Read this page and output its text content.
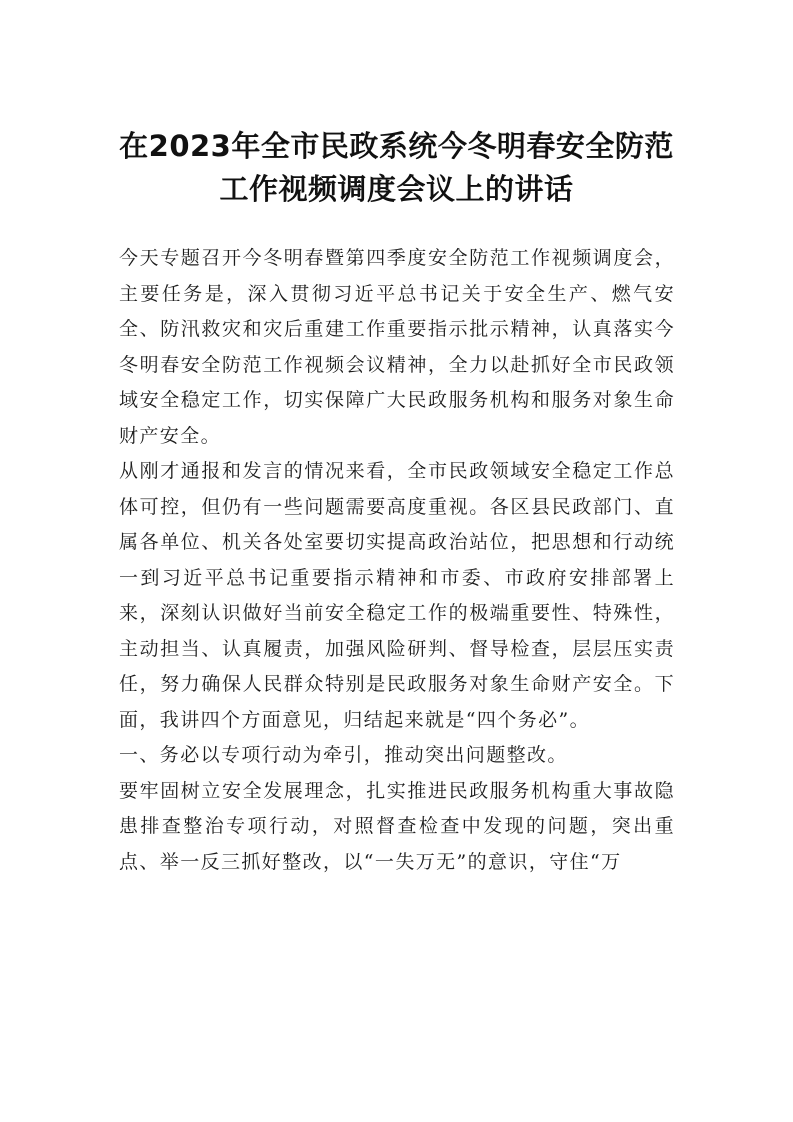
在2023年全市民政系统今冬明春安全防范
工作视频调度会议上的讲话

今天专题召开今冬明春暨第四季度安全防范工作视频调度会，主要任务是，深入贯彻习近平总书记关于安全生产、燃气安全、防汛救灾和灾后重建工作重要指示批示精神，认真落实今冬明春安全防范工作视频会议精神，全力以赴抓好全市民政领域安全稳定工作，切实保障广大民政服务机构和服务对象生命财产安全。

从刚才通报和发言的情况来看，全市民政领域安全稳定工作总体可控，但仍有一些问题需要高度重视。各区县民政部门、直属各单位、机关各处室要切实提高政治站位，把思想和行动统一到习近平总书记重要指示精神和市委、市政府安排部署上来，深刻认识做好当前安全稳定工作的极端重要性、特殊性，主动担当、认真履责，加强风险研判、督导检查，层层压实责任，努力确保人民群众特别是民政服务对象生命财产安全。下面，我讲四个方面意见，归结起来就是“四个务必”。

一、务必以专项行动为牵引，推动突出问题整改。

要牢固树立安全发展理念，扎实推进民政服务机构重大事故隐患排查整治专项行动，对照督查检查中发现的问题，突出重点、举一反三抓好整改，以“一失万无”的意识，守住“万
